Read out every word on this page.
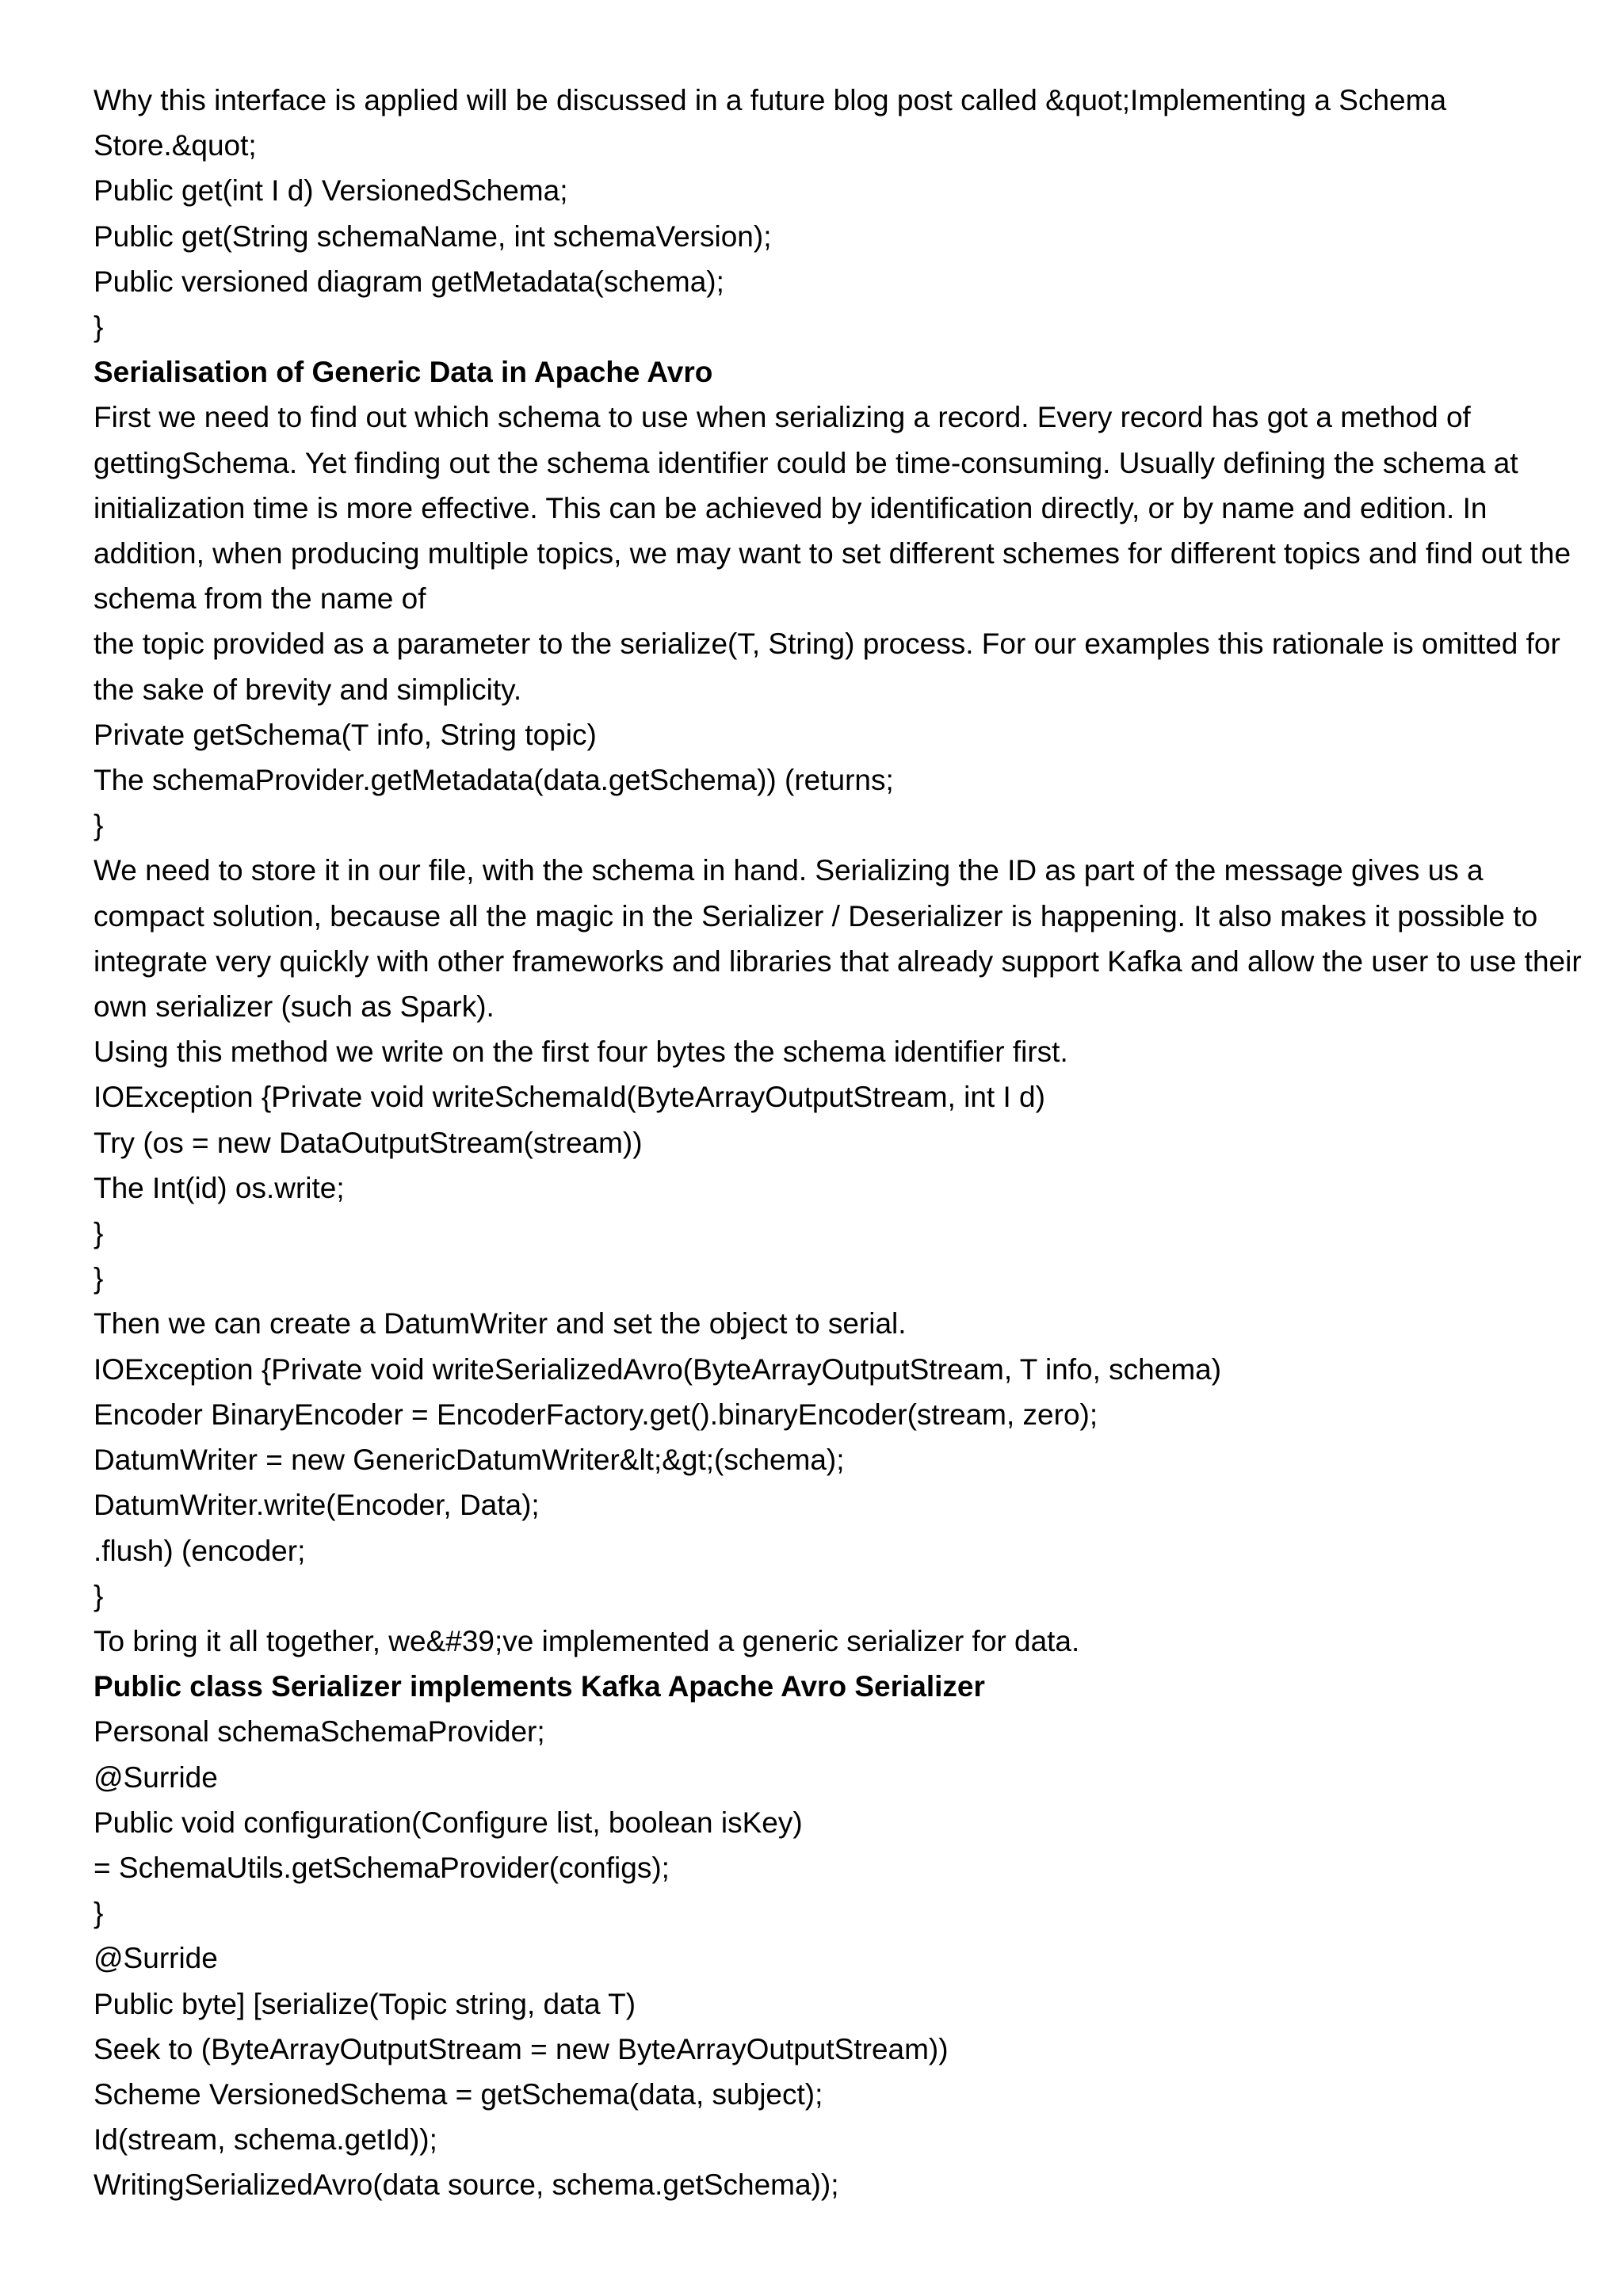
Why this interface is applied will be discussed in a future blog post called &quot;Implementing a Schema

Store.&quot;

Public get(int I d) VersionedSchema;

Public get(String schemaName, int schemaVersion);

Public versioned diagram getMetadata(schema);

}

Serialisation of Generic Data in Apache Avro

First we need to find out which schema to use when serializing a record. Every record has got a method of

gettingSchema. Yet finding out the schema identifier could be time-consuming. Usually defining the schema at

initialization time is more effective. This can be achieved by identification directly, or by name and edition. In

addition, when producing multiple topics, we may want to set different schemes for different topics and find out the

schema from the name of

the topic provided as a parameter to the serialize(T, String) process. For our examples this rationale is omitted for

the sake of brevity and simplicity.

Private getSchema(T info, String topic)

The schemaProvider.getMetadata(data.getSchema)) (returns;

}

We need to store it in our file, with the schema in hand. Serializing the ID as part of the message gives us a

compact solution, because all the magic in the Serializer / Deserializer is happening. It also makes it possible to

integrate very quickly with other frameworks and libraries that already support Kafka and allow the user to use their

own serializer (such as Spark).

Using this method we write on the first four bytes the schema identifier first.

IOException {Private void writeSchemaId(ByteArrayOutputStream, int I d)

Try (os = new DataOutputStream(stream))

The Int(id) os.write;

}

}

Then we can create a DatumWriter and set the object to serial.

IOException {Private void writeSerializedAvro(ByteArrayOutputStream, T info, schema)

Encoder BinaryEncoder = EncoderFactory.get().binaryEncoder(stream, zero);

DatumWriter = new GenericDatumWriter&lt;&gt;(schema);

DatumWriter.write(Encoder, Data);

.flush) (encoder;

}

To bring it all together, we&#39;ve implemented a generic serializer for data.

Public class Serializer implements Kafka Apache Avro Serializer

Personal schemaSchemaProvider;

@Surride

Public void configuration(Configure list, boolean isKey)

= SchemaUtils.getSchemaProvider(configs);

}

@Surride

Public byte] [serialize(Topic string, data T)

Seek to (ByteArrayOutputStream = new ByteArrayOutputStream))

Scheme VersionedSchema = getSchema(data, subject);

Id(stream, schema.getId));

WritingSerializedAvro(data source, schema.getSchema));
